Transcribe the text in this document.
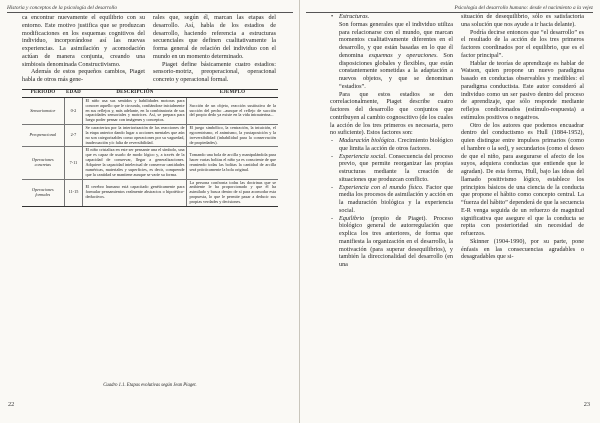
Historia y conceptos de la psicología del desarrollo

ca encontrar nuevamente el equilibrio con su entorno. Este motivo justifica que se produzcan modificaciones en los esquemas cognitivos del individuo, incorporándose así las nuevas experiencias. La asimilación y acomodación actúan de manera conjunta, creando una simbiosis denominada Constructivismo.

Además de estos pequeños cambios, Piaget habla de otros más gene-

rales que, según él, marcan las etapas del desarrollo. Así, habla de los estadios de desarrollo, haciendo referencia a estructuras secuenciales que definen cualitativamente la forma general de relación del individuo con el mundo en un momento determinado.

Piaget define básicamente cuatro estadios: sensorio-motriz, preoperacional, operacional concreto y operacional formal.

PERIODO	EDAD	DESCRIPCIÓN	EJEMPLO
Sensoriomotor	0-2	El niño usa sus sentidos y habilidades motoras para conocer aquello que le circunda, confiándose inicialmente en sus reflejos y, más adelante, en la combinatoria de sus capacidades sensoriales y motrices. Así, se prepara para luego poder pensar con imágenes y conceptos.	Succión de un objeto, reacción sustitutiva de la succión del pecho –aunque el reflejo de succión del propio dedo ya existe en la vida intrauterina–.
Preoperacional	2-7	Se caracteriza por la interiorización de las reacciones de la etapa anterior dando lugar a acciones mentales que aún no son categorizables como operaciones por su vaguedad, inadecuación y/o falta de reversibilidad.	El juego simbólico, la centración, la intuición, el egocentrismo, el animismo, la yuxtaposición y la irreversibilidad (inhabilidad para la conservación de propiedades).
Operaciones concretas	7-11	El niño cristaliza en este ser pensante una el símbolo, una que es capaz de usarlo de modo lógico y, a través de la capacidad de conservar, llegar a generalizaciones. Adquiere la capacidad intelectual de conservar cantidades numéricas, materiales y superficies, es decir, comprende que la cantidad se mantiene aunque se varíe su forma.	Tomando una bola de arcilla y manipulándola para hacer varias bolitas el niño ya es consciente de que reuniendo todas las bolitas la cantidad de arcilla será prácticamente la bola original.
Operaciones formales	11-15	El cerebro humano está capacitado genéticamente para formular pensamientos realmente abstractos o hipotético-deductivos.	La persona confronta todas las doctrinas que se ambiente le ha proporcionado y que él ha asimilado y busca dentro de sí para acomodar esta propuesta, lo que le permite pasar a deducir sus propias verdades y decisiones.
Cuadro 1.1. Etapas evolutivas según Jean Piaget.
22
Psicología del desarrollo humano: desde el nacimiento a la vejez
• Estructuras.
Son formas generales que el individuo utiliza para relacionarse con el mundo, que marcan momentos cualitativamente diferentes en el desarrollo, y que están basadas en lo que él denomina esquemas y operaciones. Son disposiciones globales y flexibles, que están constantemente sometidas a la adaptación a nuevos objetos, y que se denominan “estadios”.

Para que estos estadios se den correlacionalmente, Piaget describe cuatro factores del desarrollo que conjuntos que contribuyen al cambio cognoscitivo (de los cuales la acción de los tres primeros es necesaria, pero no suficiente). Estos factores son:

- Maduración biológica. Crecimiento biológico que limita la acción de otros factores.

- Experiencia social. Consecuencia del proceso previo, que permite reorganizar las propias estructuras mediante la creación de situaciones que produzcan conflicto.

- Experiencia con el mundo físico. Factor que media los procesos de asimilación y acción en la maduración biológica y la experiencia social.

- Equilibrio (propio de Piaget). Proceso biológico general de autorregulación que explica los tres anteriores, de forma que manifiesta la organización en el desarrollo, la motivación (para superar desequilibrios), y también la direccionalidad del desarrollo (en una

situación de desequilibrio, sólo es satisfactoria una solución que nos ayude a ir hacia delante).

Podría decirse entonces que “el desarrollo” es el resultado de la acción de los tres primeros factores coordinados por el equilibrio, que es el factor principal”.

Hablar de teorías de aprendizaje es hablar de Watson, quien propone un nuevo paradigma basado en conductas observables y medibles: el paradigma conductista. Este autor consideró al individuo como un ser pasivo dentro del proceso de aprendizaje, que sólo responde mediante reflejos condicionados (estímulo-respuesta) a estímulos positivos o negativos.

Otro de los autores que podemos encuadrar dentro del conductismo es Hull (1884-1952), quien distingue entre impulsos primarios (como el hambre o la sed), y secundarios (como el deseo de que el niño, para asegurarse el afecto de los suyos, adquiera conductas que entiende que le agradan). De esta forma, Hull, bajo las ideas del llamado positivismo lógico, establece los principios básicos de una ciencia de la conducta que propone el hábito como concepto central. La “fuerza del hábito” dependerá de que la secuencia E-R venga seguida de un refuerzo de magnitud significativa que asegure el que la conducta se repita con posterioridad sin necesidad de refuerzos.

Skinner (1904-1990), por su parte, pone énfasis en las consecuencias agradables o desagradables que si-

23
